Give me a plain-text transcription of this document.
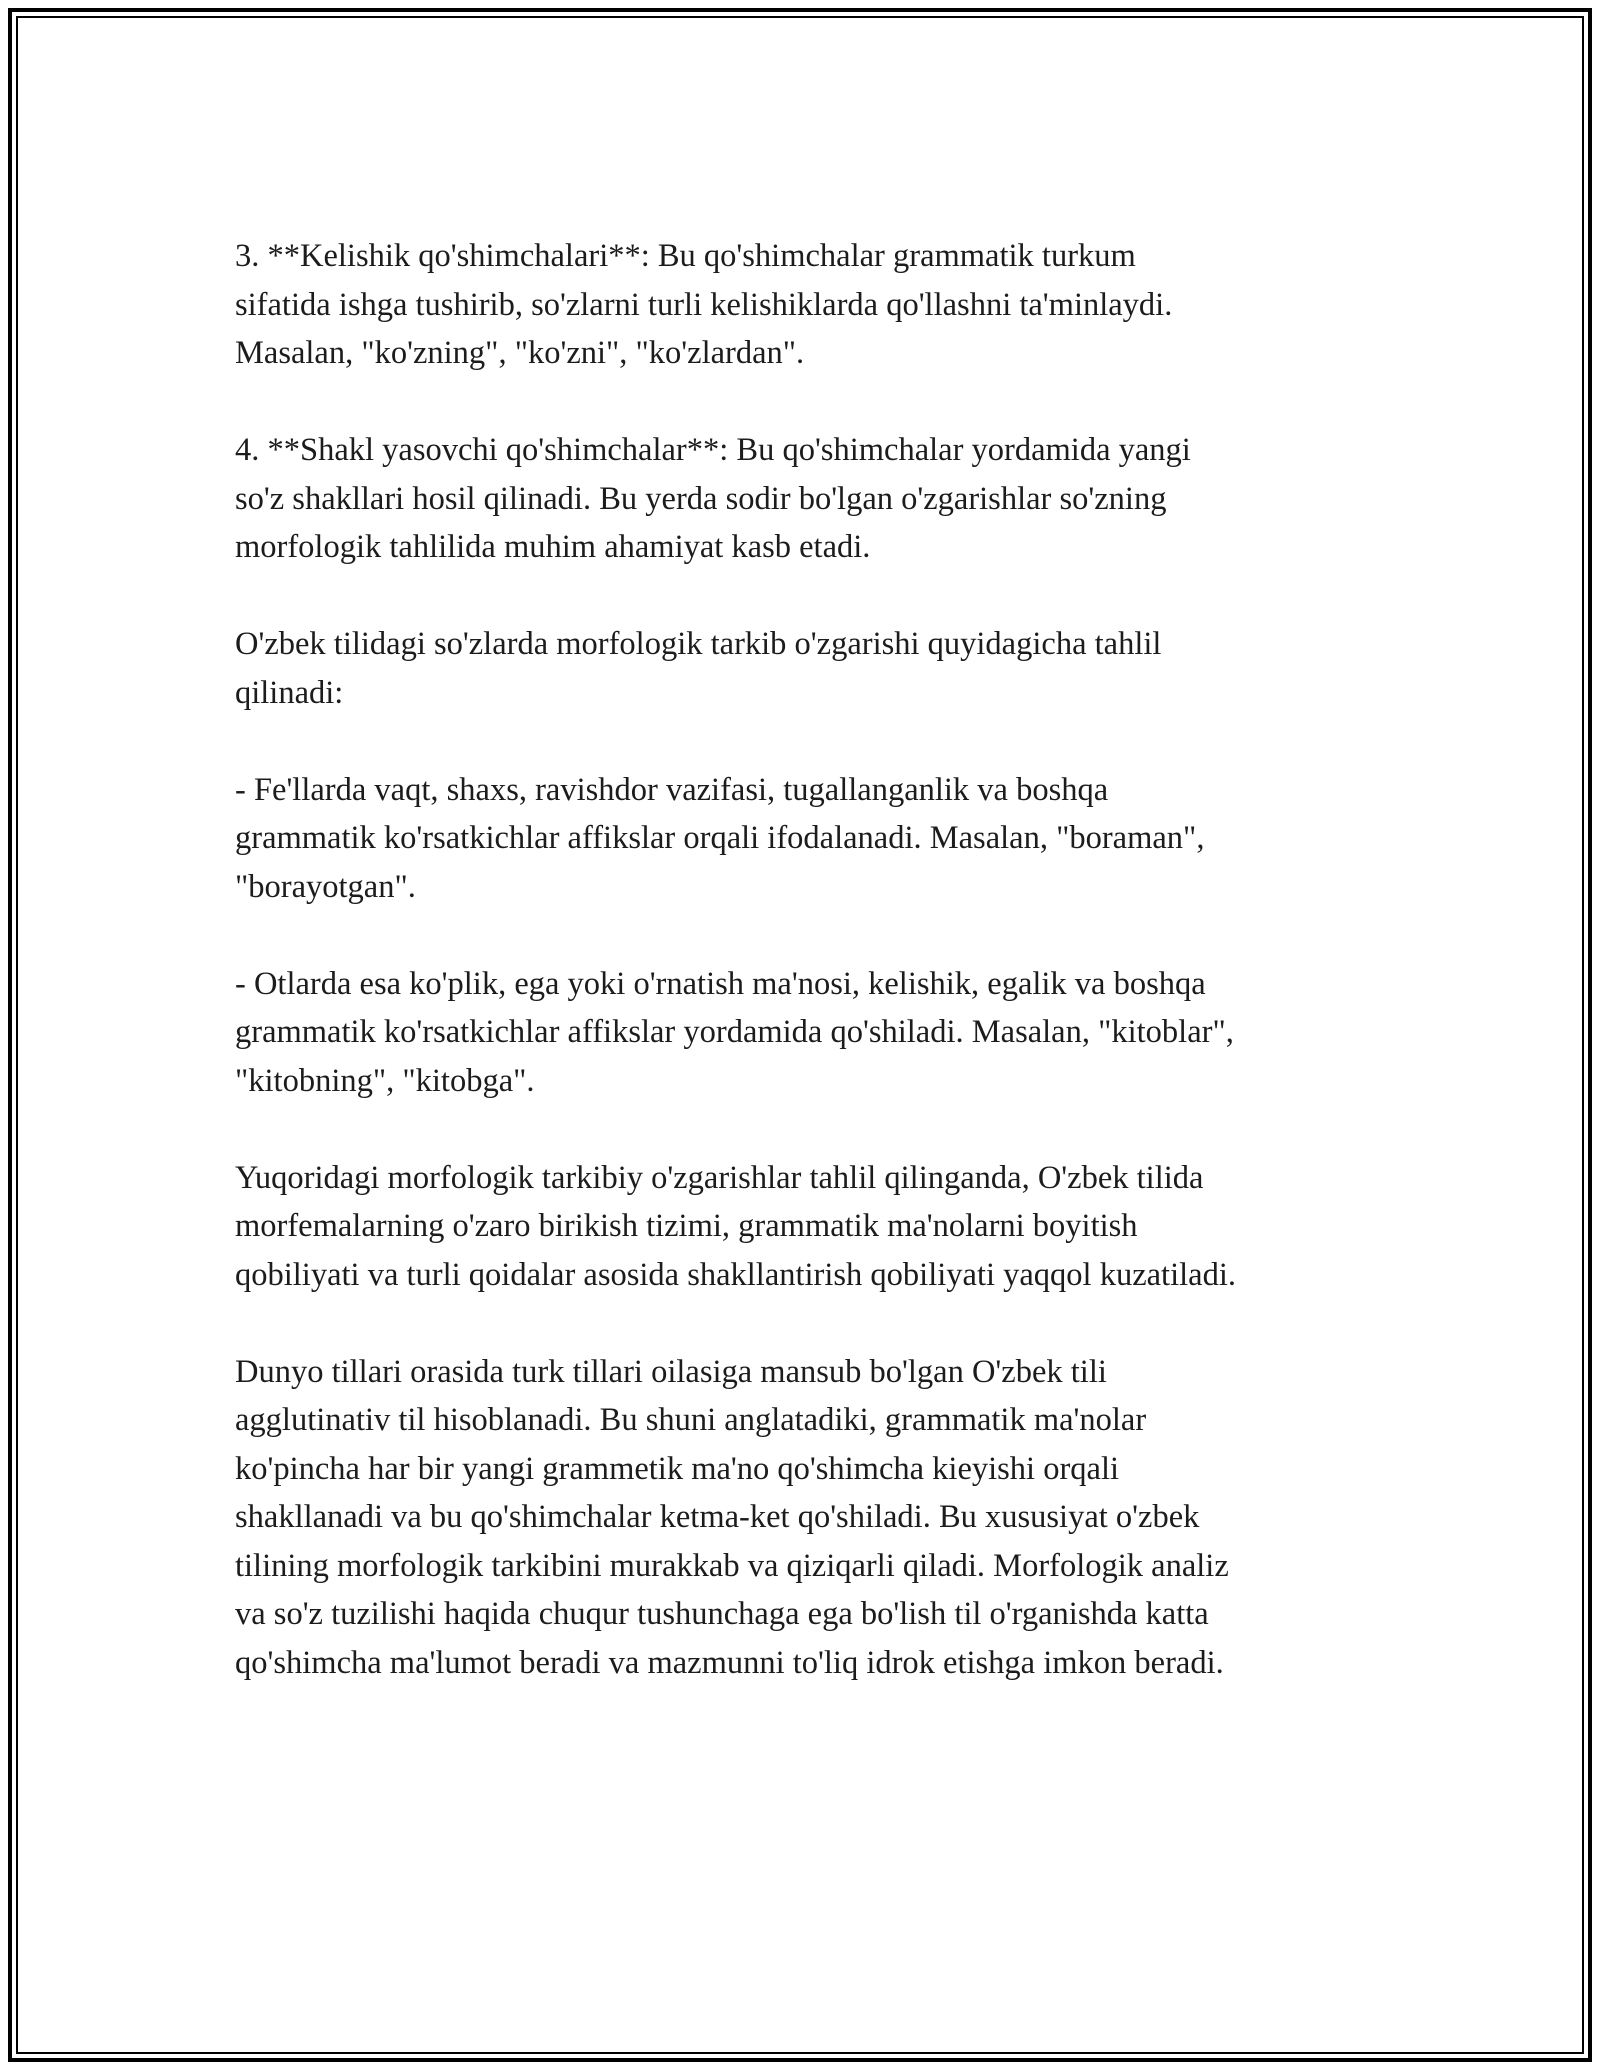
3. **Kelishik qo'shimchalari**: Bu qo'shimchalar grammatik turkum
sifatida ishga tushirib, so'zlarni turli kelishiklarda qo'llashni ta'minlaydi.
Masalan, "ko'zning", "ko'zni", "ko'zlardan".

4. **Shakl yasovchi qo'shimchalar**: Bu qo'shimchalar yordamida yangi
so'z shakllari hosil qilinadi. Bu yerda sodir bo'lgan o'zgarishlar so'zning
morfologik tahlilida muhim ahamiyat kasb etadi.

O'zbek tilidagi so'zlarda morfologik tarkib o'zgarishi quyidagicha tahlil
qilinadi:

- Fe'llarda vaqt, shaxs, ravishdor vazifasi, tugallanganlik va boshqa
grammatik ko'rsatkichlar affikslar orqali ifodalanadi. Masalan, "boraman",
"borayotgan".

- Otlarda esa ko'plik, ega yoki o'rnatish ma'nosi, kelishik, egalik va boshqa
grammatik ko'rsatkichlar affikslar yordamida qo'shiladi. Masalan, "kitoblar",
"kitobning", "kitobga".

Yuqoridagi morfologik tarkibiy o'zgarishlar tahlil qilinganda, O'zbek tilida
morfemalarning o'zaro birikish tizimi, grammatik ma'nolarni boyitish
qobiliyati va turli qoidalar asosida shakllantirish qobiliyati yaqqol kuzatiladi.

Dunyo tillari orasida turk tillari oilasiga mansub bo'lgan O'zbek tili
agglutinativ til hisoblanadi. Bu shuni anglatadiki, grammatik ma'nolar
ko'pincha har bir yangi grammetik ma'no qo'shimcha kieyishi orqali
shakllanadi va bu qo'shimchalar ketma-ket qo'shiladi. Bu xususiyat o'zbek
tilining morfologik tarkibini murakkab va qiziqarli qiladi. Morfologik analiz
va so'z tuzilishi haqida chuqur tushunchaga ega bo'lish til o'rganishda katta
qo'shimcha ma'lumot beradi va mazmunni to'liq idrok etishga imkon beradi.
